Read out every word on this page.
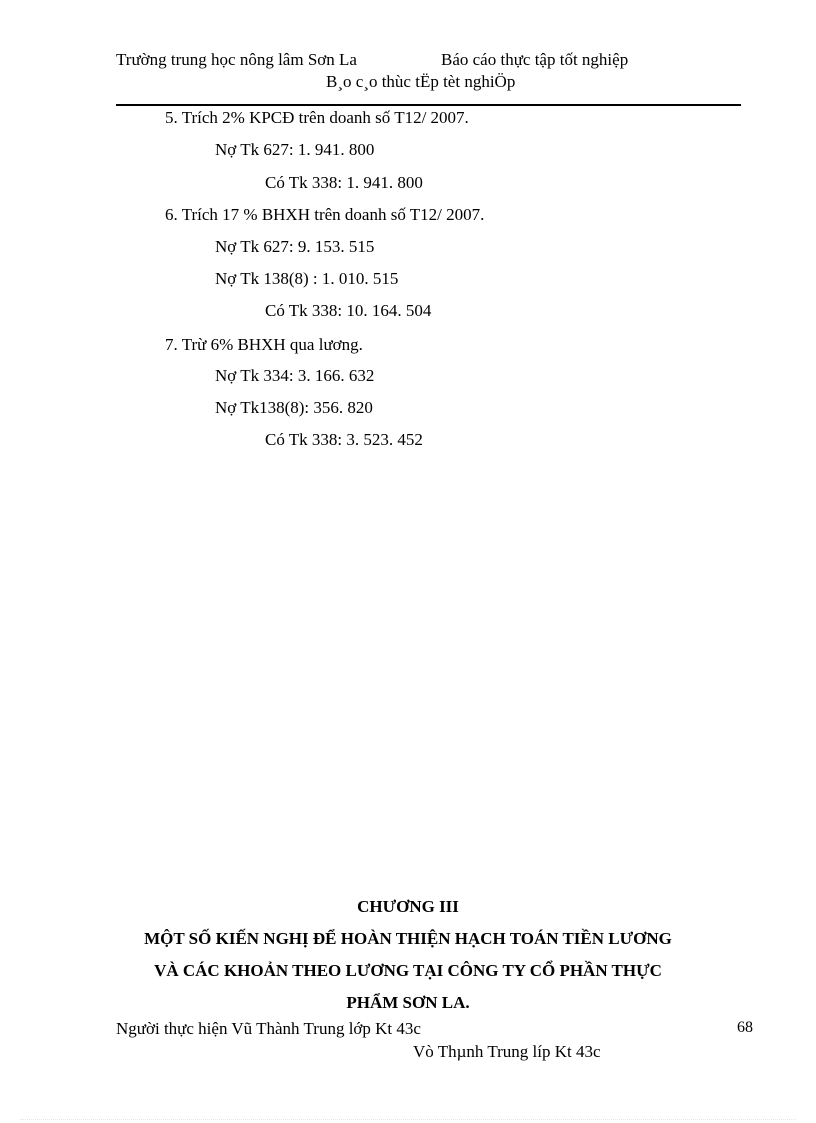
Trường trung học nông lâm Sơn La	Báo cáo thực tập tốt nghiệp
B¸o c¸o thùc tËp tèt nghiÖp
5. Trích 2% KPCĐ trên doanh số T12/ 2007.
Nợ Tk 627: 1. 941. 800
Có Tk 338: 1. 941. 800
6. Trích 17 % BHXH trên doanh số T12/ 2007.
Nợ Tk 627: 9. 153. 515
Nợ Tk 138(8) : 1. 010. 515
Có Tk 338: 10. 164. 504
7. Trừ 6% BHXH qua lương.
Nợ Tk 334: 3. 166. 632
Nợ Tk138(8): 356. 820
Có Tk 338: 3. 523. 452
CHƯƠNG III
MỘT SỐ KIẾN NGHỊ ĐỂ HOÀN THIỆN HẠCH TOÁN TIỀN LƯƠNG
VÀ CÁC KHOẢN THEO LƯƠNG TẠI CÔNG TY CỔ PHẦN THỰC
PHẨM SƠN LA.
Người thực hiện Vũ Thành Trung lớp Kt 43c	68
Vò Thµnh Trung líp Kt 43c
